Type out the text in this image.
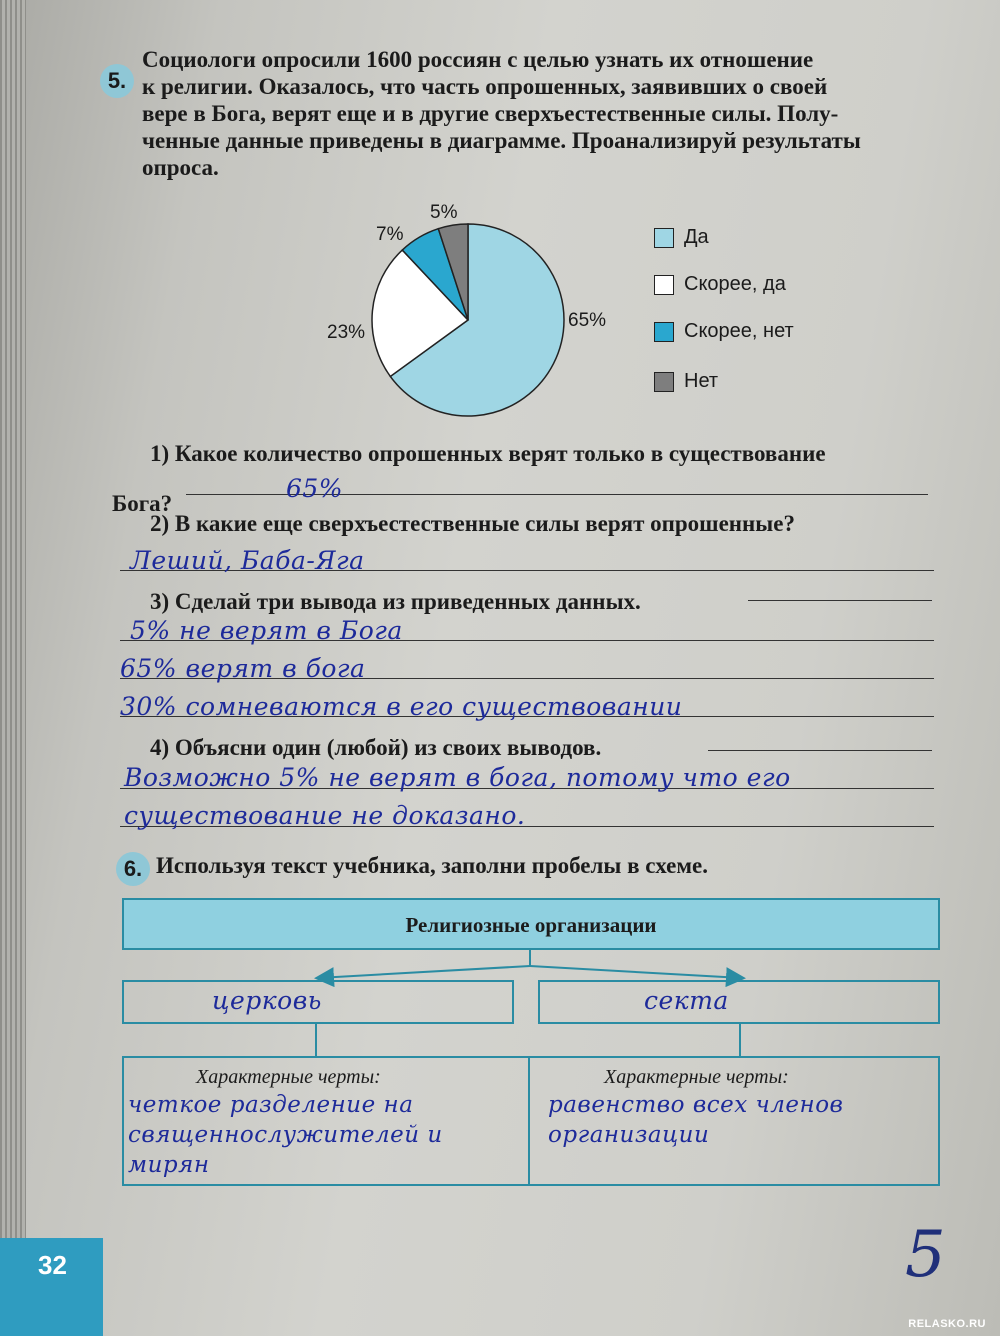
5.
Социологи опросили 1600 россиян с целью узнать их отношение
к религии. Оказалось, что часть опрошенных, заявивших о своей
вере в Бога, верят еще и в другие сверхъестественные силы. Полу-
ченные данные приведены в диаграмме. Проанализируй результаты
опроса.
5%
7%
23%
65%
Да
Скорее, да
Скорее, нет
Нет
1) Какое количество опрошенных верят только в существование
Бога?
65%
2) В какие еще сверхъестественные силы верят опрошенные?
Леший, Баба-Яга
3) Сделай три вывода из приведенных данных.
5% не верят в Бога
65% верят в бога
30% сомневаются в его существовании
4) Объясни один (любой) из своих выводов.
Возможно 5% не верят в бога, потому что его
существование не доказано.
6. Используя текст учебника, заполни пробелы в схеме.
Религиозные организации
церковь	секта
Характерные черты:	Характерные черты:
четкое разделение на
священнослужителей и
мирян
равенство всех членов
организации
5
32
RELASKO.RU
